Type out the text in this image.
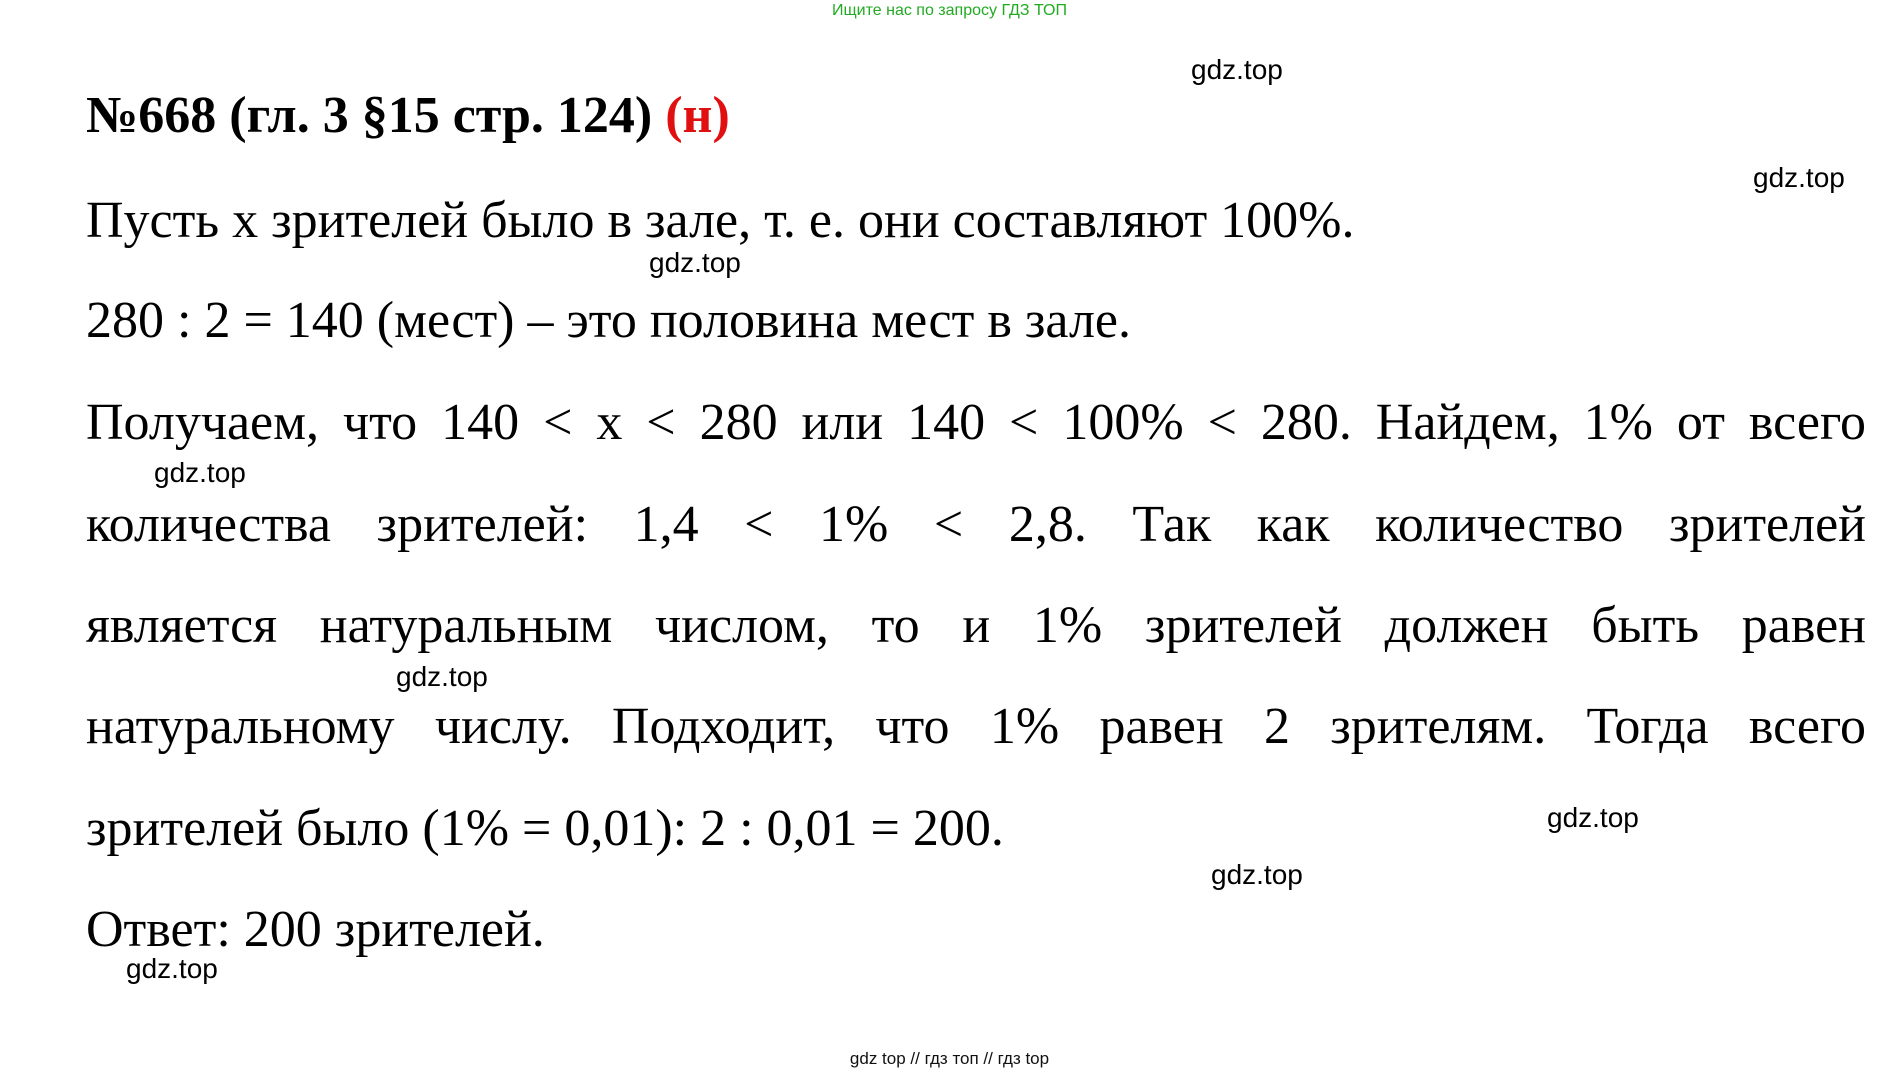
Ищите нас по запросу ГДЗ ТОП
№668 (гл. 3 §15 стр. 124) (н)
Пусть х зрителей было в зале, т. е. они составляют 100%.
280 : 2 = 140 (мест) – это половина мест в зале.
Получаем, что 140 < х < 280 или 140 < 100% < 280. Найдем, 1% от всего
количества зрителей: 1,4 < 1% < 2,8. Так как количество зрителей
является натуральным числом, то и 1% зрителей должен быть равен
натуральному числу. Подходит, что 1% равен 2 зрителям. Тогда всего
зрителей было (1% = 0,01): 2 : 0,01 = 200.
Ответ: 200 зрителей.
gdz.top
gdz.top
gdz.top
gdz.top
gdz.top
gdz.top
gdz.top
gdz.top
gdz top // гдз топ // гдз top
